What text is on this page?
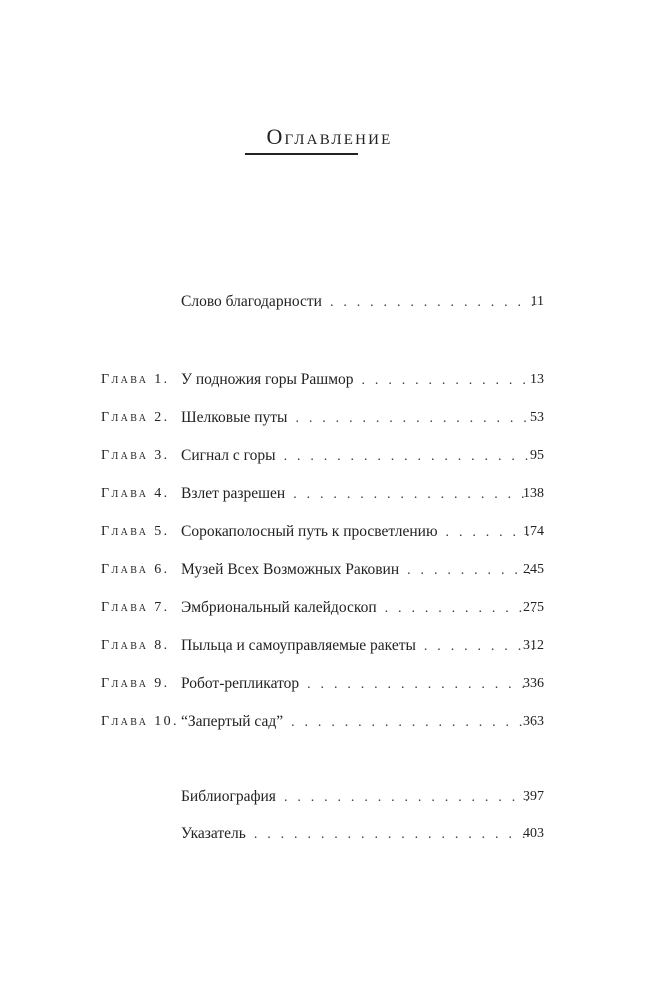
Оглавление
Слово благодарности . . .	11
Глава 1. У подножия горы Рашмор . . .	13
Глава 2. Шелковые путы . . .	53
Глава 3. Сигнал с горы . . .	95
Глава 4. Взлет разрешен . . .	138
Глава 5. Сорокаполосный путь к просветлению . . .	174
Глава 6. Музей Всех Возможных Раковин . . .	245
Глава 7. Эмбриональный калейдоскоп . . .	275
Глава 8. Пыльца и самоуправляемые ракеты . . .	312
Глава 9. Робот-репликатор . . .	336
Глава 10. “Запертый сад” . . .	363
Библиография . . .	397
Указатель . . .	403
